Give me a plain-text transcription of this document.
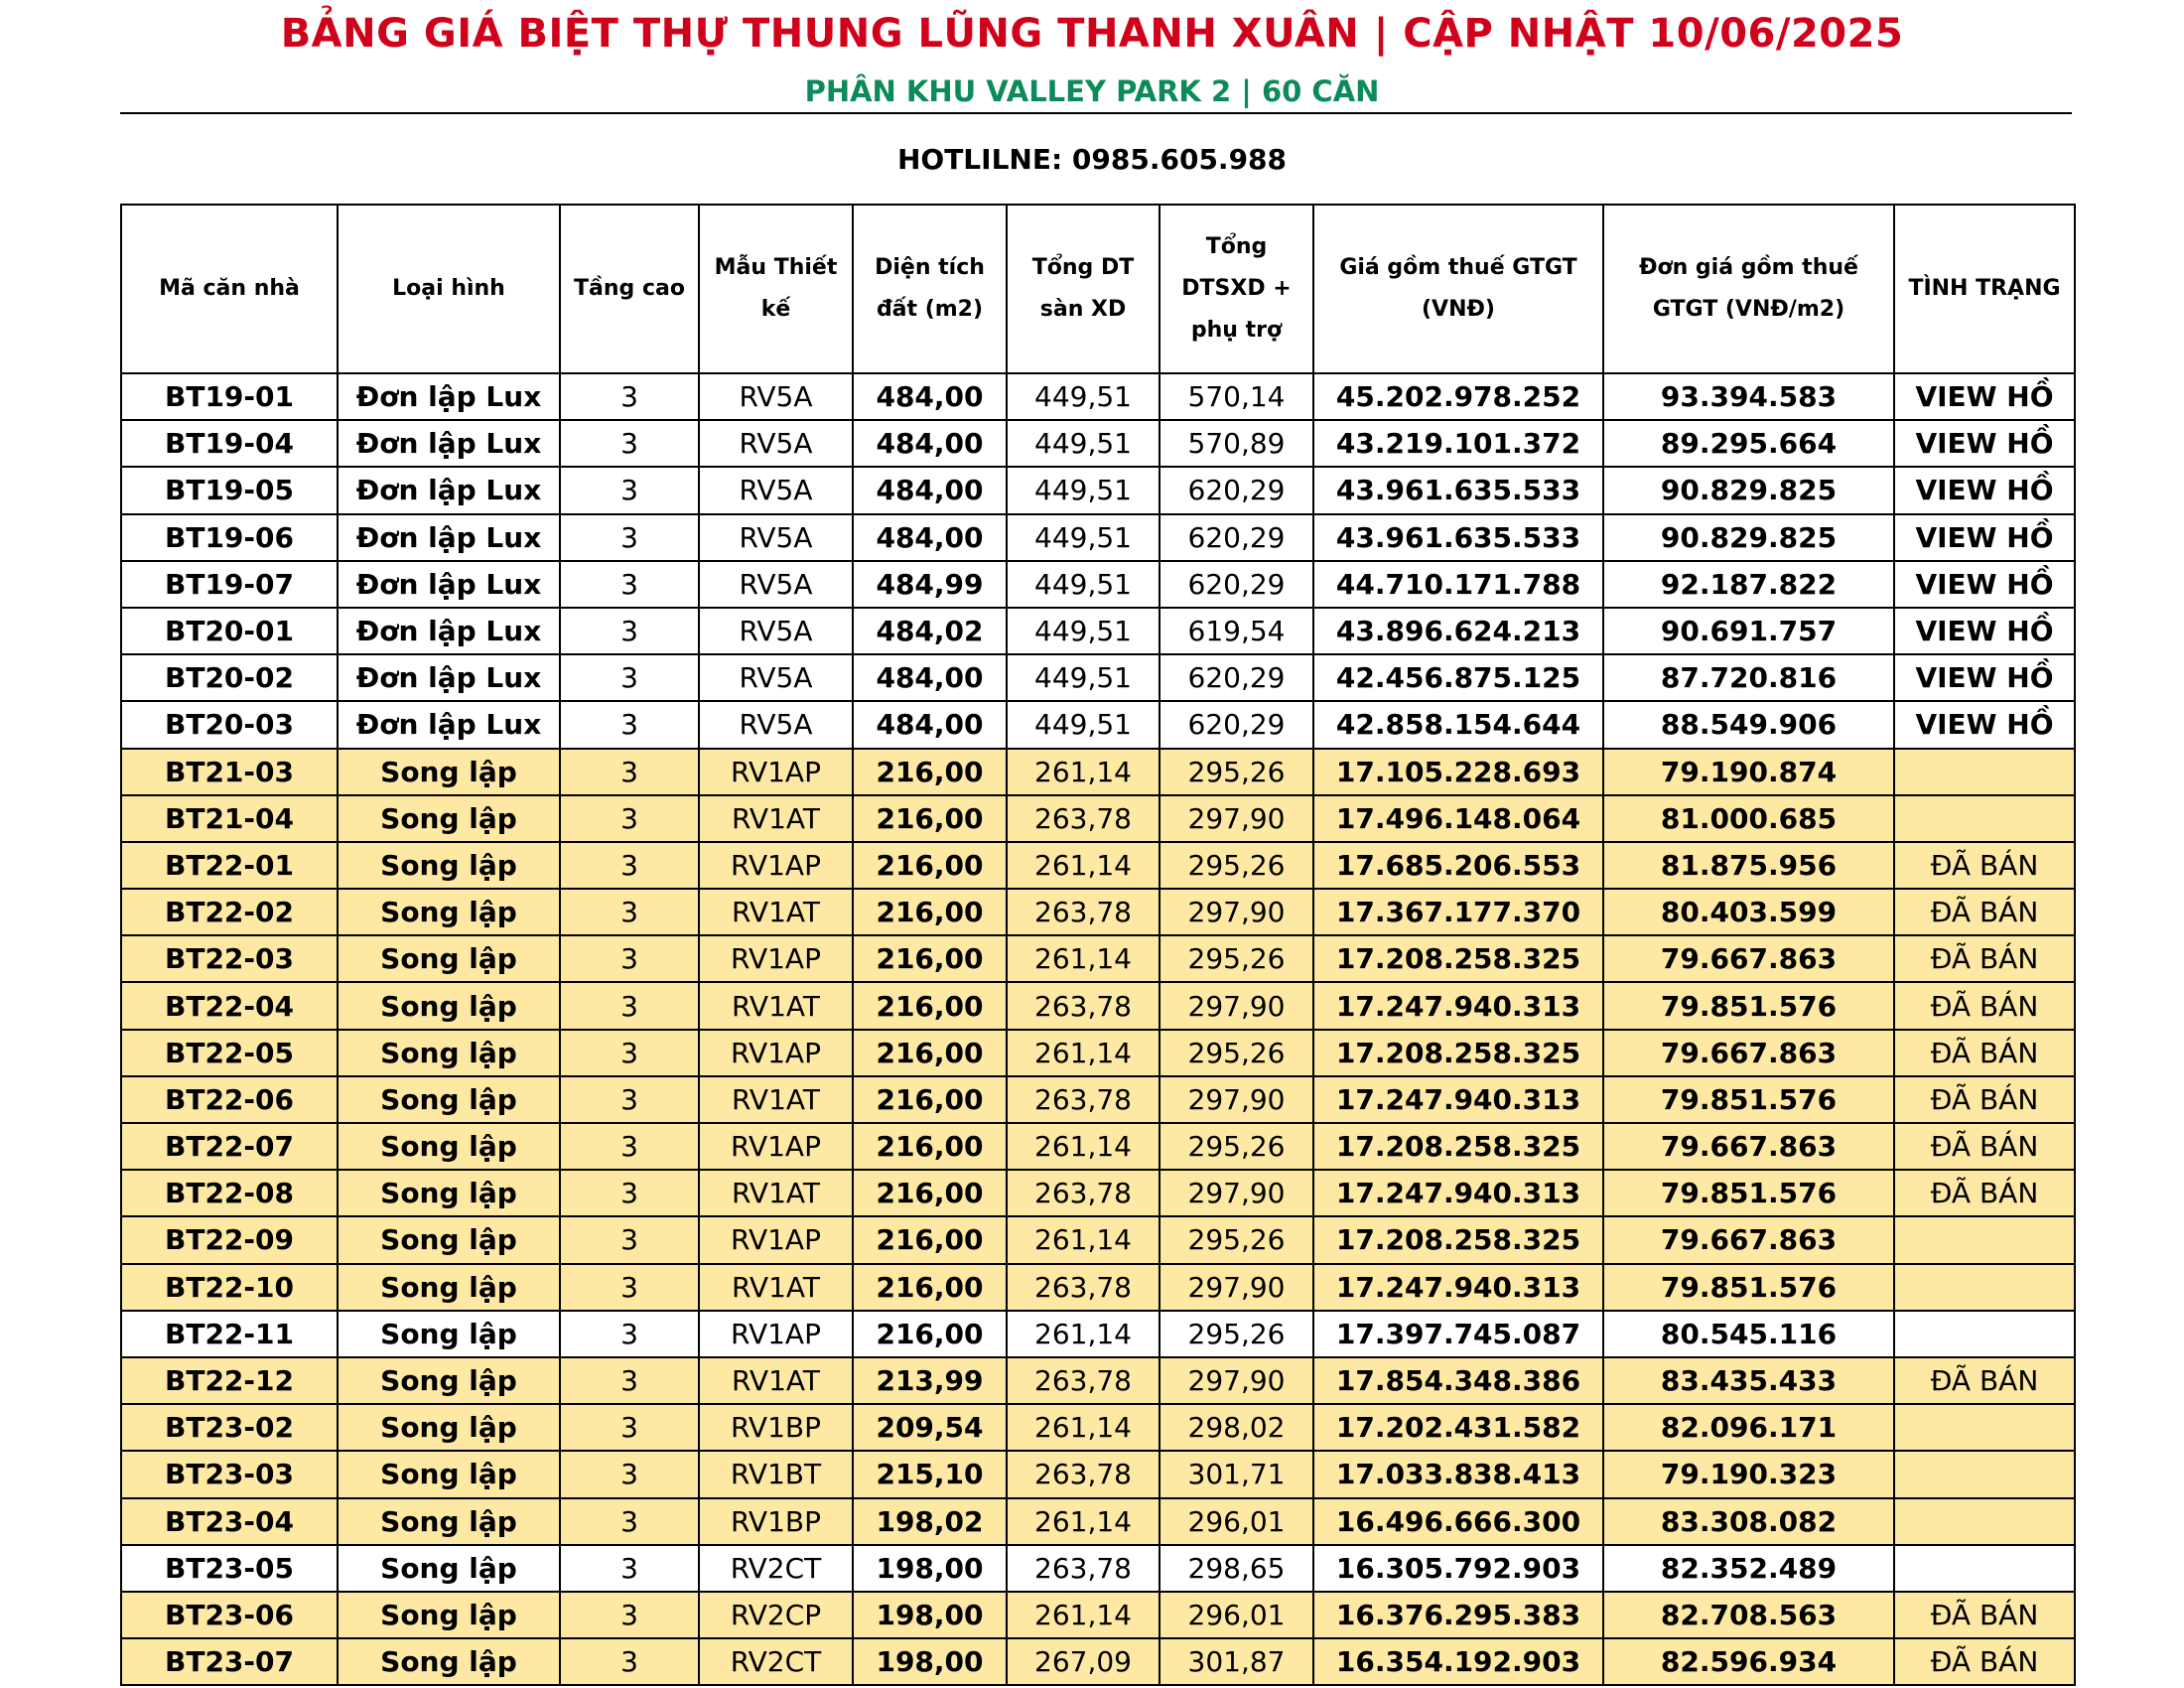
BẢNG GIÁ BIỆT THỰ THUNG LŨNG THANH XUÂN | CẬP NHẬT 10/06/2025
PHÂN KHU VALLEY PARK 2 | 60 CĂN
HOTLILNE: 0985.605.988
Mã căn nhà	Loại hình	Tầng cao	Mẫu Thiết kế	Diện tích đất (m2)	Tổng DT sàn XD	Tổng DTSXD + phụ trợ	Giá gồm thuế GTGT (VNĐ)	Đơn giá gồm thuế GTGT (VNĐ/m2)	TÌNH TRẠNG
BT19-01	Đơn lập Lux	3	RV5A	484,00	449,51	570,14	45.202.978.252	93.394.583	VIEW HỒ
BT19-04	Đơn lập Lux	3	RV5A	484,00	449,51	570,89	43.219.101.372	89.295.664	VIEW HỒ
BT19-05	Đơn lập Lux	3	RV5A	484,00	449,51	620,29	43.961.635.533	90.829.825	VIEW HỒ
BT19-06	Đơn lập Lux	3	RV5A	484,00	449,51	620,29	43.961.635.533	90.829.825	VIEW HỒ
BT19-07	Đơn lập Lux	3	RV5A	484,99	449,51	620,29	44.710.171.788	92.187.822	VIEW HỒ
BT20-01	Đơn lập Lux	3	RV5A	484,02	449,51	619,54	43.896.624.213	90.691.757	VIEW HỒ
BT20-02	Đơn lập Lux	3	RV5A	484,00	449,51	620,29	42.456.875.125	87.720.816	VIEW HỒ
BT20-03	Đơn lập Lux	3	RV5A	484,00	449,51	620,29	42.858.154.644	88.549.906	VIEW HỒ
BT21-03	Song lập	3	RV1AP	216,00	261,14	295,26	17.105.228.693	79.190.874	
BT21-04	Song lập	3	RV1AT	216,00	263,78	297,90	17.496.148.064	81.000.685	
BT22-01	Song lập	3	RV1AP	216,00	261,14	295,26	17.685.206.553	81.875.956	ĐÃ BÁN
BT22-02	Song lập	3	RV1AT	216,00	263,78	297,90	17.367.177.370	80.403.599	ĐÃ BÁN
BT22-03	Song lập	3	RV1AP	216,00	261,14	295,26	17.208.258.325	79.667.863	ĐÃ BÁN
BT22-04	Song lập	3	RV1AT	216,00	263,78	297,90	17.247.940.313	79.851.576	ĐÃ BÁN
BT22-05	Song lập	3	RV1AP	216,00	261,14	295,26	17.208.258.325	79.667.863	ĐÃ BÁN
BT22-06	Song lập	3	RV1AT	216,00	263,78	297,90	17.247.940.313	79.851.576	ĐÃ BÁN
BT22-07	Song lập	3	RV1AP	216,00	261,14	295,26	17.208.258.325	79.667.863	ĐÃ BÁN
BT22-08	Song lập	3	RV1AT	216,00	263,78	297,90	17.247.940.313	79.851.576	ĐÃ BÁN
BT22-09	Song lập	3	RV1AP	216,00	261,14	295,26	17.208.258.325	79.667.863	
BT22-10	Song lập	3	RV1AT	216,00	263,78	297,90	17.247.940.313	79.851.576	
BT22-11	Song lập	3	RV1AP	216,00	261,14	295,26	17.397.745.087	80.545.116	
BT22-12	Song lập	3	RV1AT	213,99	263,78	297,90	17.854.348.386	83.435.433	ĐÃ BÁN
BT23-02	Song lập	3	RV1BP	209,54	261,14	298,02	17.202.431.582	82.096.171	
BT23-03	Song lập	3	RV1BT	215,10	263,78	301,71	17.033.838.413	79.190.323	
BT23-04	Song lập	3	RV1BP	198,02	261,14	296,01	16.496.666.300	83.308.082	
BT23-05	Song lập	3	RV2CT	198,00	263,78	298,65	16.305.792.903	82.352.489	
BT23-06	Song lập	3	RV2CP	198,00	261,14	296,01	16.376.295.383	82.708.563	ĐÃ BÁN
BT23-07	Song lập	3	RV2CT	198,00	267,09	301,87	16.354.192.903	82.596.934	ĐÃ BÁN
